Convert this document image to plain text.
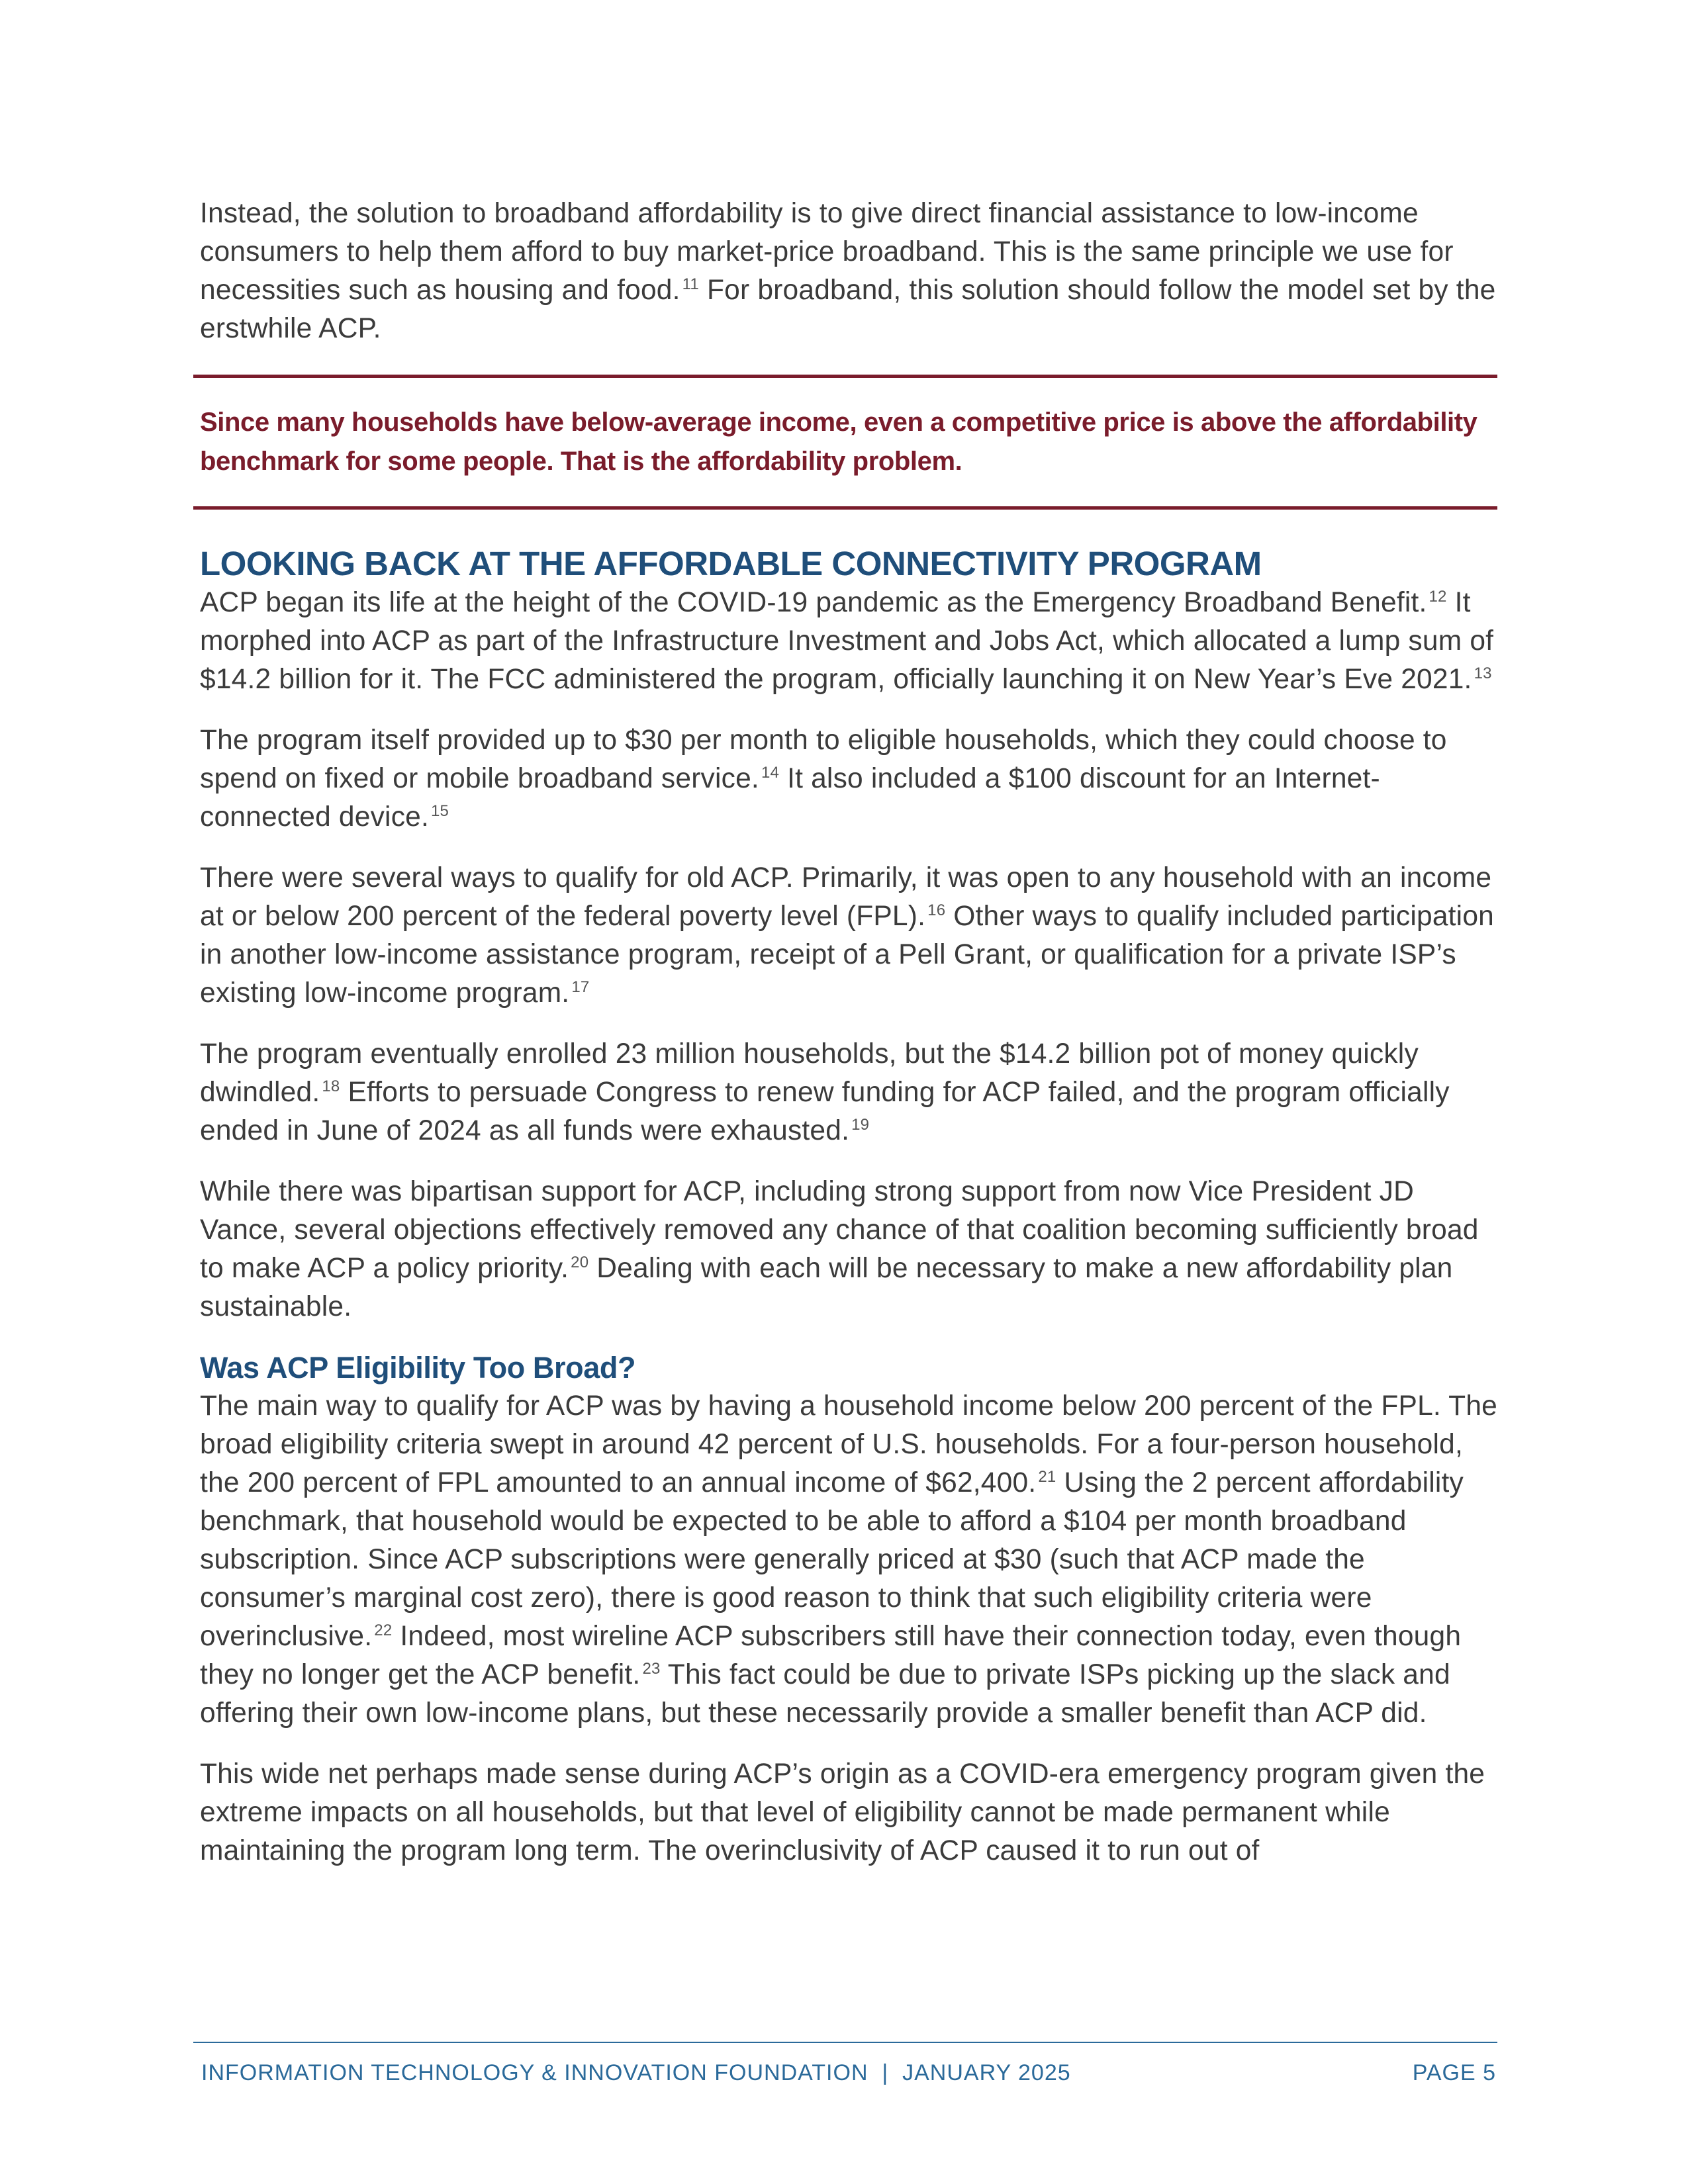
Instead, the solution to broadband affordability is to give direct financial assistance to low-income consumers to help them afford to buy market-price broadband. This is the same principle we use for necessities such as housing and food. $^{11}$ For broadband, this solution should follow the model set by the erstwhile ACP.

Since many households have below-average income, even a competitive price is above the affordability benchmark for some people. That is the affordability problem.

LOOKING BACK AT THE AFFORDABLE CONNECTIVITY PROGRAM

ACP began its life at the height of the COVID-19 pandemic as the Emergency Broadband Benefit. $^{12}$ It morphed into ACP as part of the Infrastructure Investment and Jobs Act, which allocated a lump sum of $14.2 billion for it. The FCC administered the program, officially launching it on New Year’s Eve 2021. $^{13}$

The program itself provided up to $30 per month to eligible households, which they could choose to spend on fixed or mobile broadband service. $^{14}$ It also included a $100 discount for an Internet-connected device. $^{15}$

There were several ways to qualify for old ACP. Primarily, it was open to any household with an income at or below 200 percent of the federal poverty level (FPL). $^{16}$ Other ways to qualify included participation in another low-income assistance program, receipt of a Pell Grant, or qualification for a private ISP’s existing low-income program. $^{17}$

The program eventually enrolled 23 million households, but the $14.2 billion pot of money quickly dwindled. $^{18}$ Efforts to persuade Congress to renew funding for ACP failed, and the program officially ended in June of 2024 as all funds were exhausted. $^{19}$

While there was bipartisan support for ACP, including strong support from now Vice President JD Vance, several objections effectively removed any chance of that coalition becoming sufficiently broad to make ACP a policy priority. $^{20}$ Dealing with each will be necessary to make a new affordability plan sustainable.

Was ACP Eligibility Too Broad?

The main way to qualify for ACP was by having a household income below 200 percent of the FPL. The broad eligibility criteria swept in around 42 percent of U.S. households. For a four-person household, the 200 percent of FPL amounted to an annual income of $62,400. $^{21}$ Using the 2 percent affordability benchmark, that household would be expected to be able to afford a $104 per month broadband subscription. Since ACP subscriptions were generally priced at $30 (such that ACP made the consumer’s marginal cost zero), there is good reason to think that such eligibility criteria were overinclusive. $^{22}$ Indeed, most wireline ACP subscribers still have their connection today, even though they no longer get the ACP benefit. $^{23}$ This fact could be due to private ISPs picking up the slack and offering their own low-income plans, but these necessarily provide a smaller benefit than ACP did.

This wide net perhaps made sense during ACP’s origin as a COVID-era emergency program given the extreme impacts on all households, but that level of eligibility cannot be made permanent while maintaining the program long term. The overinclusivity of ACP caused it to run out of

INFORMATION TECHNOLOGY & INNOVATION FOUNDATION  |  JANUARY 2025	PAGE 5
